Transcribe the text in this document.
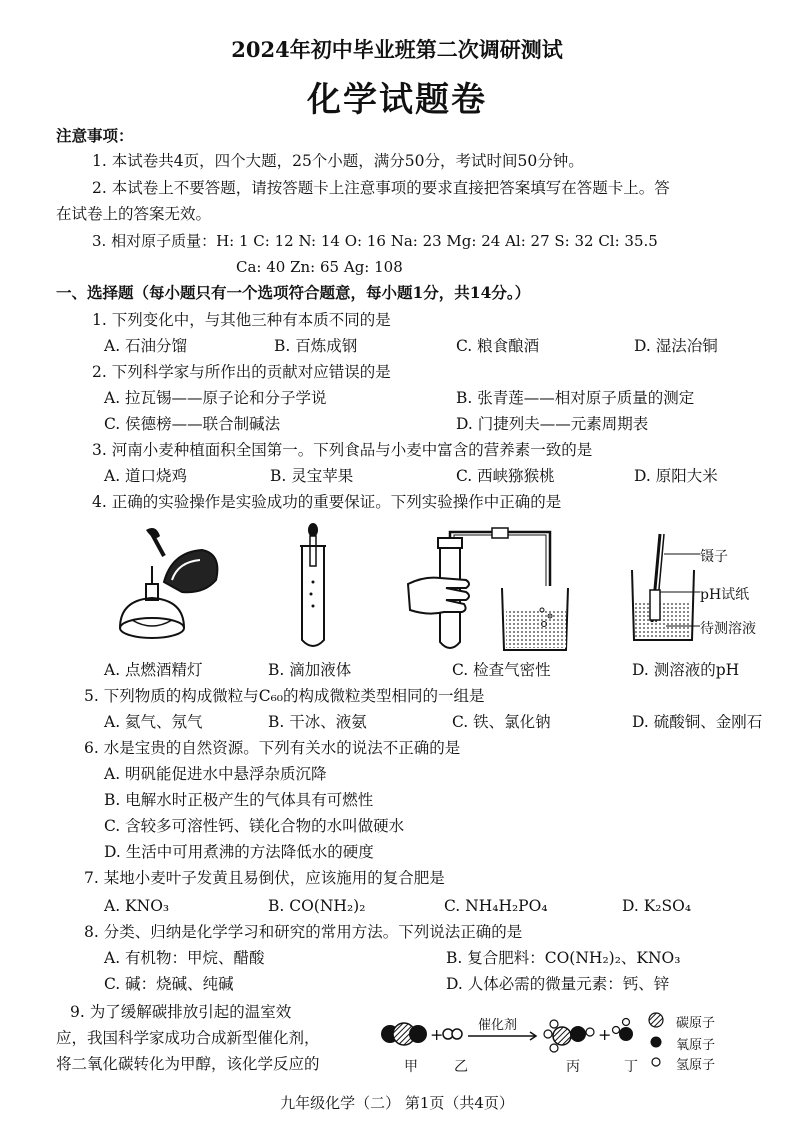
2024年初中毕业班第二次调研测试
化学试题卷
注意事项：
1. 本试卷共4页，四个大题，25个小题，满分50分，考试时间50分钟。
2. 本试卷上不要答题，请按答题卡上注意事项的要求直接把答案填写在答题卡上。答
在试卷上的答案无效。
3. 相对原子质量：H: 1 C: 12 N: 14 O: 16 Na: 23 Mg: 24 Al: 27 S: 32 Cl: 35.5
Ca: 40 Zn: 65 Ag: 108
一、选择题（每小题只有一个选项符合题意，每小题1分，共14分。）
1. 下列变化中，与其他三种有本质不同的是
A. 石油分馏	B. 百炼成钢	C. 粮食酿酒	D. 湿法冶铜
2. 下列科学家与所作出的贡献对应错误的是
A. 拉瓦锡——原子论和分子学说	B. 张青莲——相对原子质量的测定
C. 侯德榜——联合制碱法	D. 门捷列夫——元素周期表
3. 河南小麦种植面积全国第一。下列食品与小麦中富含的营养素一致的是
A. 道口烧鸡	B. 灵宝苹果	C. 西峡猕猴桃	D. 原阳大米
4. 正确的实验操作是实验成功的重要保证。下列实验操作中正确的是
镊子
pH试纸
待测溶液
A. 点燃酒精灯	B. 滴加液体	C. 检查气密性	D. 测溶液的pH
5. 下列物质的构成微粒与C₆₀的构成微粒类型相同的一组是
A. 氦气、氖气	B. 干冰、液氨	C. 铁、氯化钠	D. 硫酸铜、金刚石
6. 水是宝贵的自然资源。下列有关水的说法不正确的是
A. 明矾能促进水中悬浮杂质沉降
B. 电解水时正极产生的气体具有可燃性
C. 含较多可溶性钙、镁化合物的水叫做硬水
D. 生活中可用煮沸的方法降低水的硬度
7. 某地小麦叶子发黄且易倒伏，应该施用的复合肥是
A. KNO₃	B. CO(NH₂)₂	C. NH₄H₂PO₄	D. K₂SO₄
8. 分类、归纳是化学学习和研究的常用方法。下列说法正确的是
A. 有机物：甲烷、醋酸	B. 复合肥料：CO(NH₂)₂、KNO₃
C. 碱：烧碱、纯碱	D. 人体必需的微量元素：钙、锌
9. 为了缓解碳排放引起的温室效
应，我国科学家成功合成新型催化剂，
将二氧化碳转化为甲醇，该化学反应的
+	+
催化剂
甲	乙	丙	丁
碳原子
氧原子
氢原子
九年级化学（二） 第1页（共4页）
